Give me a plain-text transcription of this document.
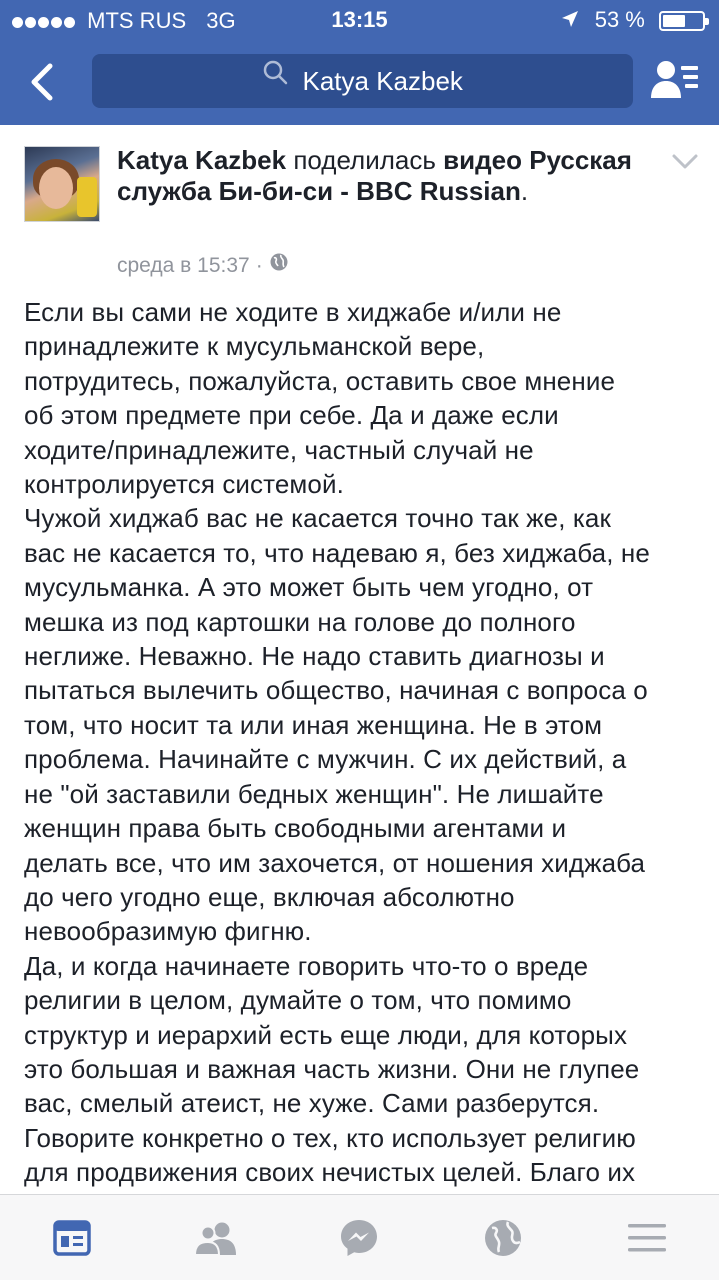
MTS RUS 3G	13:15	53 %
Katya Kazbek
Katya Kazbek поделилась видео Русская служба Би-би-си - BBC Russian.
среда в 15:37 ·

Если вы сами не ходите в хиджабе и/или не

принадлежите к мусульманской вере,

потрудитесь, пожалуйста, оставить свое мнение

об этом предмете при себе. Да и даже если

ходите/принадлежите, частный случай не

контролируется системой.

Чужой хиджаб вас не касается точно так же, как

вас не касается то, что надеваю я, без хиджаба, не

мусульманка. А это может быть чем угодно, от

мешка из под картошки на голове до полного

неглиже. Неважно. Не надо ставить диагнозы и

пытаться вылечить общество, начиная с вопроса о

том, что носит та или иная женщина. Не в этом

проблема. Начинайте с мужчин. С их действий, а

не "ой заставили бедных женщин". Не лишайте

женщин права быть свободными агентами и

делать все, что им захочется, от ношения хиджаба

до чего угодно еще, включая абсолютно

невообразимую фигню.

Да, и когда начинаете говорить что-то о вреде

религии в целом, думайте о том, что помимо

структур и иерархий есть еще люди, для которых

это большая и важная часть жизни. Они не глупее

вас, смелый атеист, не хуже. Сами разберутся.

Говорите конкретно о тех, кто использует религию

для продвижения своих нечистых целей. Благо их
